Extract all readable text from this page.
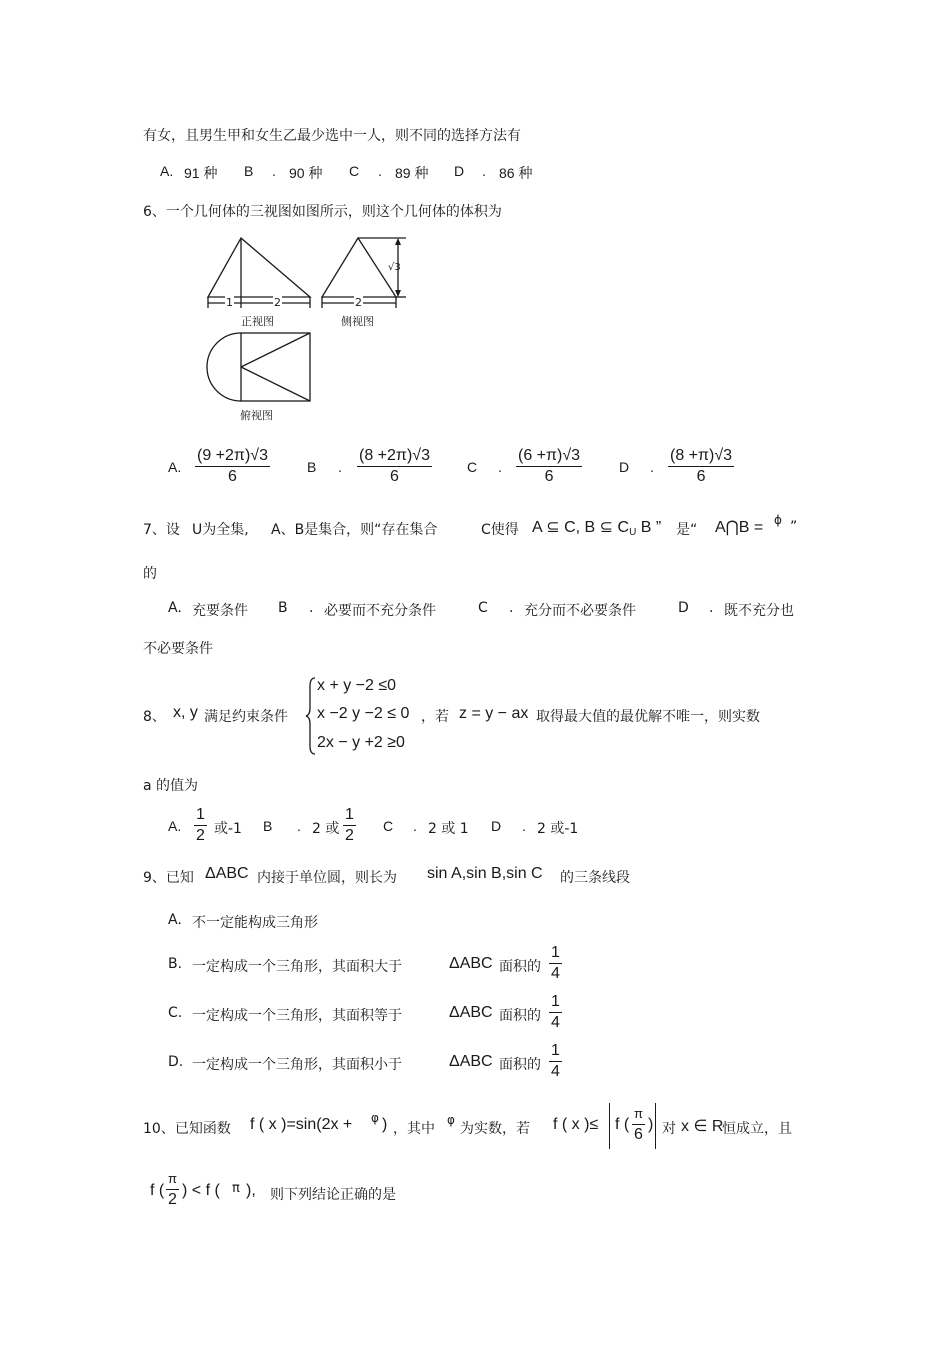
有女，且男生甲和女生乙最少选中一人，则不同的选择方法有
A. 91 种 B . 90 种 C . 89 种 D . 86 种
6、一个几何体的三视图如图所示，则这个几何体的体积为
1	2	2
√3
正视图	侧视图
俯视图
A.
(9 +2π)√3
6
B .
(8 +2π)√3
6
C .
(6 +π)√3
6
D .
(8 +π)√3
6
7、设 U为全集, A、B是集合，则“存在集合	C使得 A ⊆ C, B ⊆ $C_U$ B ” 是“ A⋂B = ϕ ”
的
A. 充要条件 B . 必要而不充分条件	C . 充分而不必要条件	D . 既不充分也
不必要条件
8、 x, y 满足约束条件
x + y −2 ≤0
x −2 y −2 ≤ 0 ，若
2x − y +2 ≥0
z = y − ax 取得最大值的最优解不唯一，则实数
a 的值为
A.
1
2 或-1 B . 2 或
1
2
C . 2 或 1 D . 2 或-1
9、已知 ΔABC 内接于单位圆，则长为 sin A,sin B,sin C 的三条线段
A. 不一定能构成三角形
B. 一定构成一个三角形，其面积大于	ΔABC 面积的
1
4
C. 一定构成一个三角形，其面积等于	ΔABC 面积的
1
4
D. 一定构成一个三角形，其面积小于	ΔABC 面积的
1
4
10、已知函数 f ( x )=sin(2x + φ ) ，其中
φ
为实数，若 f ( x )≤ f (
π
6
) 对 x ∈ R
恒成立，且
f (
π
2
) < f ( π ), 则下列结论正确的是
